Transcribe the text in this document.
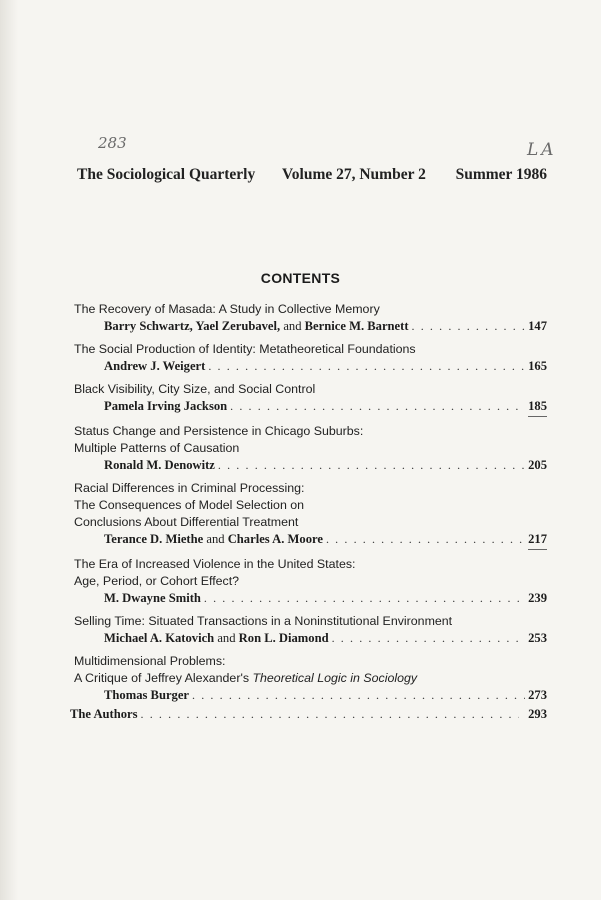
283	LA
The Sociological Quarterly Volume 27, Number 2 Summer 1986
CONTENTS
The Recovery of Masada: A Study in Collective Memory
Barry Schwartz, Yael Zerubavel, and Bernice M. Barnett . . .	147
The Social Production of Identity: Metatheoretical Foundations
Andrew J. Weigert . . .	165
Black Visibility, City Size, and Social Control
Pamela Irving Jackson . . .	185
Status Change and Persistence in Chicago Suburbs:
Multiple Patterns of Causation
Ronald M. Denowitz . . .	205
Racial Differences in Criminal Processing:
The Consequences of Model Selection on
Conclusions About Differential Treatment
Terance D. Miethe and Charles A. Moore . . .	217
The Era of Increased Violence in the United States:
Age, Period, or Cohort Effect?
M. Dwayne Smith . . .	239
Selling Time: Situated Transactions in a Noninstitutional Environment
Michael A. Katovich and Ron L. Diamond . . .	253
Multidimensional Problems:
A Critique of Jeffrey Alexander's Theoretical Logic in Sociology
Thomas Burger . . .	273
The Authors . . .	293
